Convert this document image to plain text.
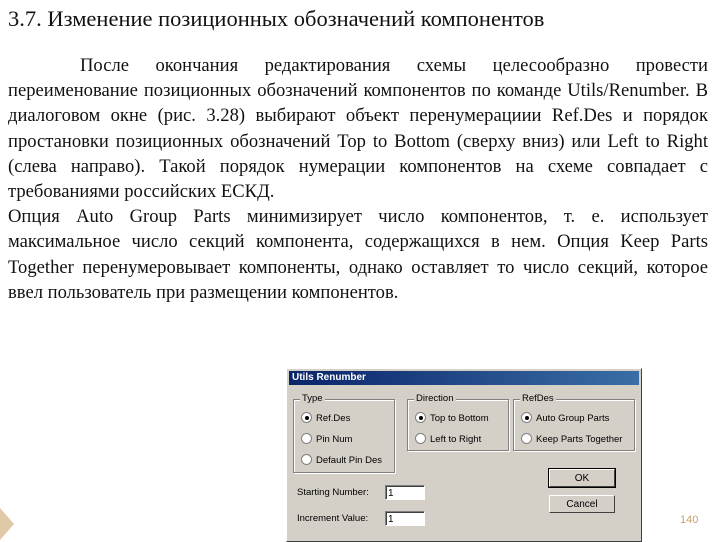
3.7. Изменение позиционных обозначений компонентов

После окончания редактирования схемы целесообразно провести переименование позиционных обозначений компонентов по команде Utils/Renumber. В диалоговом окне (рис. 3.28) выбирают объект перенумерациии Ref.Des и порядок простановки позиционных обозначений Top to Bottom (сверху вниз) или Left to Right (слева направо). Такой порядок нумерации компонентов на схеме совпадает с требованиями российских ЕСКД.

Опция Auto Group Parts минимизирует число компонентов, т. е. использует максимальное число секций компонента, содержащихся в нем. Опция Keep Parts Together перенумеровывает компоненты, однако оставляет то число секций, которое ввел пользователь при размещении компонентов.

Utils Renumber
Type
Ref.Des
Pin Num
Default Pin Des
Direction
Top to Bottom
Left to Right
RefDes
Auto Group Parts
Keep Parts Together
Starting Number:	1
Increment Value:	1
OK
Cancel
140
